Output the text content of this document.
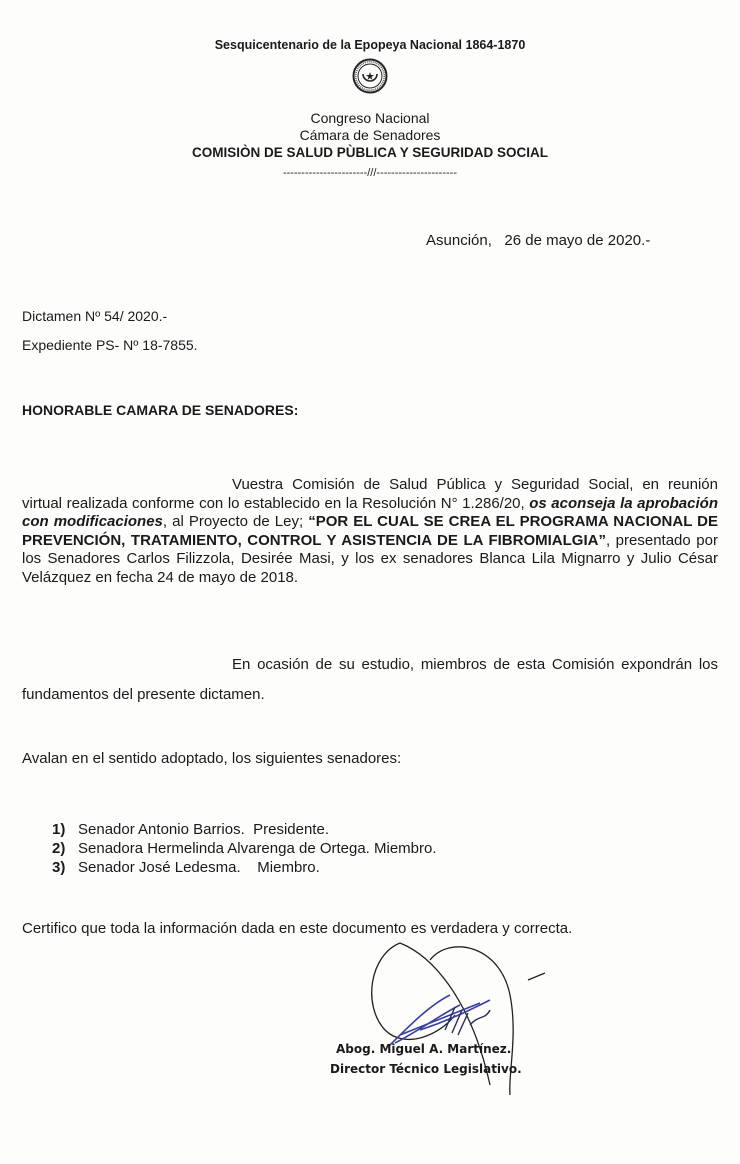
Sesquicentenario de la Epopeya Nacional 1864-1870
Congreso Nacional
Cámara de Senadores
COMISIÒN DE SALUD PÙBLICA Y SEGURIDAD SOCIAL
-----------------------///----------------------
Asunción,   26 de mayo de 2020.-
Dictamen Nº 54/ 2020.-
Expediente PS- Nº 18-7855.
HONORABLE CAMARA DE SENADORES:
Vuestra Comisión de Salud Pública y Seguridad Social, en reunión virtual realizada conforme con lo establecido en la Resolución N° 1.286/20, os aconseja la aprobación con modificaciones, al Proyecto de Ley; “POR EL CUAL SE CREA EL PROGRAMA NACIONAL DE PREVENCIÓN, TRATAMIENTO, CONTROL Y ASISTENCIA DE LA FIBROMIALGIA”, presentado por los Senadores Carlos Filizzola, Desirée Masi, y los ex senadores Blanca Lila Mignarro y Julio César Velázquez en fecha 24 de mayo de 2018.
En ocasión de su estudio, miembros de esta Comisión expondrán los fundamentos del presente dictamen.
Avalan en el sentido adoptado, los siguientes senadores:
1) Senador Antonio Barrios.  Presidente.
2) Senadora Hermelinda Alvarenga de Ortega. Miembro.
3) Senador José Ledesma.    Miembro.
Certifico que toda la información dada en este documento es verdadera y correcta.
Abog. Miguel A. Martínez.
Director Técnico Legislativo.
